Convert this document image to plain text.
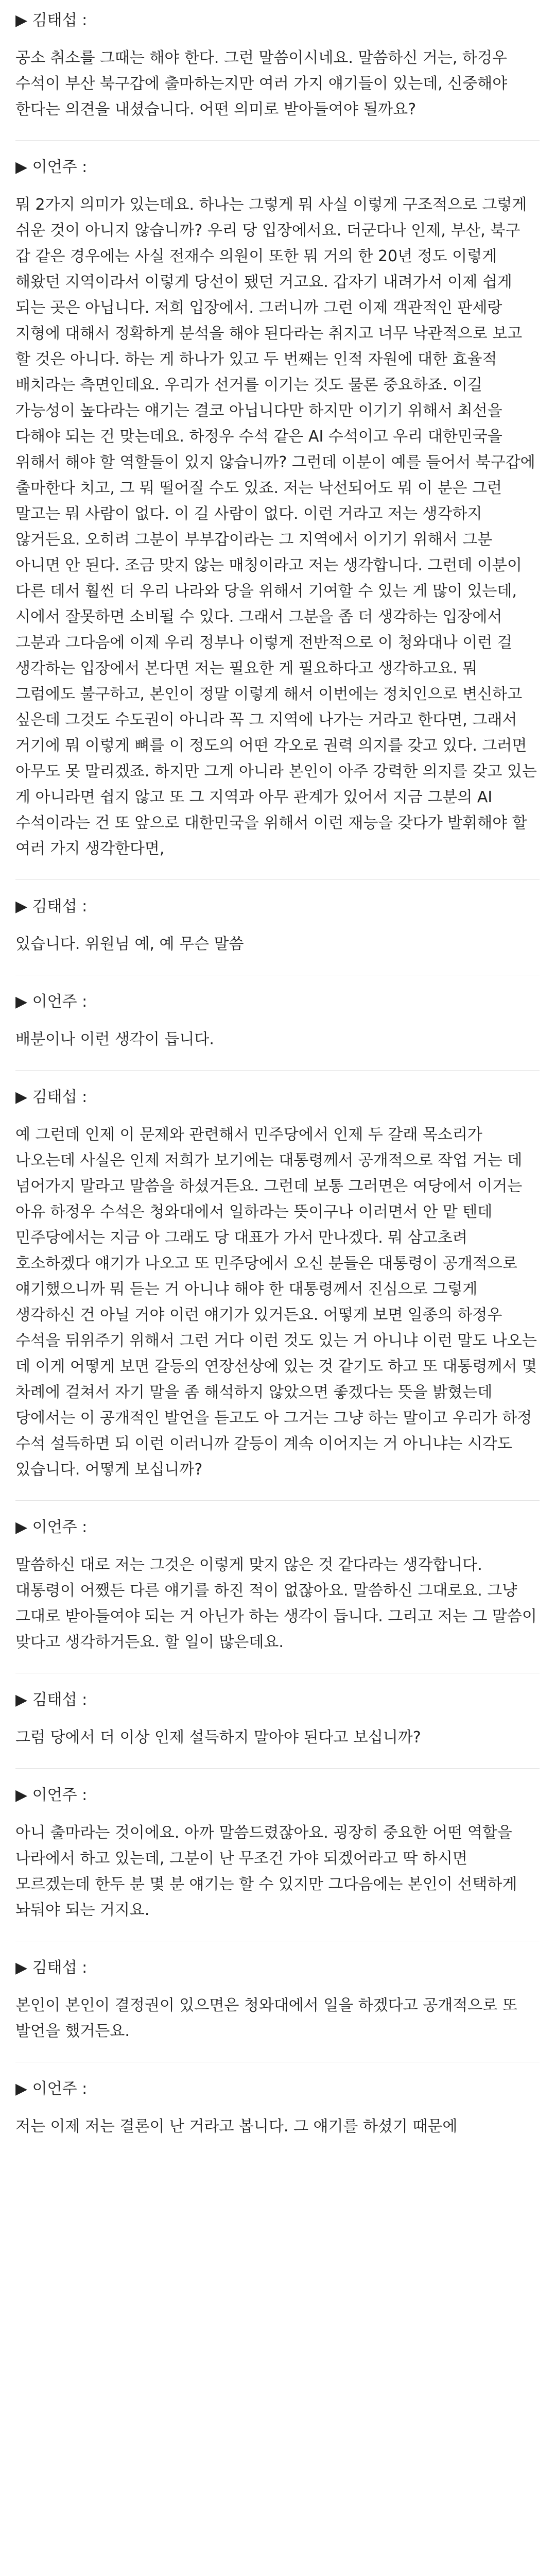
▶ 김태섭 :

공소 취소를 그때는 해야 한다. 그런 말씀이시네요. 말씀하신 거는, 하겅우 수석이 부산 북구갑에 출마하는지만 여러 가지 얘기들이 있는데, 신중해야 한다는 의견을 내셨습니다. 어떤 의미로 받아들여야 될까요?

▶ 이언주 :

뭐 2가지 의미가 있는데요. 하나는 그렇게 뭐 사실 이렇게 구조적으로 그렇게 쉬운 것이 아니지 않습니까? 우리 당 입장에서요. 더군다나 인제, 부산, 북구 갑 같은 경우에는 사실 전재수 의원이 또한 뭐 거의 한 20년 정도 이렇게 해왔던 지역이라서 이렇게 당선이 됐던 거고요. 갑자기 내려가서 이제 쉽게 되는 곳은 아닙니다. 저희 입장에서. 그러니까 그런 이제 객관적인 판세랑 지형에 대해서 정확하게 분석을 해야 된다라는 취지고 너무 낙관적으로 보고 할 것은 아니다. 하는 게 하나가 있고 두 번째는 인적 자원에 대한 효율적 배치라는 측면인데요. 우리가 선거를 이기는 것도 물론 중요하죠. 이길 가능성이 높다라는 얘기는 결코 아닙니다만 하지만 이기기 위해서 최선을 다해야 되는 건 맞는데요. 하정우 수석 같은 AI 수석이고 우리 대한민국을 위해서 해야 할 역할들이 있지 않습니까? 그런데 이분이 예를 들어서 북구갑에 출마한다 치고, 그 뭐 떨어질 수도 있죠. 저는 낙선되어도 뭐 이 분은 그런 말고는 뭐 사람이 없다. 이 길 사람이 없다. 이런 거라고 저는 생각하지 않거든요. 오히려 그분이 부부갑이라는 그 지역에서 이기기 위해서 그분 아니면 안 된다. 조금 맞지 않는 매칭이라고 저는 생각합니다. 그런데 이분이 다른 데서 훨씬 더 우리 나라와 당을 위해서 기여할 수 있는 게 많이 있는데, 시에서 잘못하면 소비될 수 있다. 그래서 그분을 좀 더 생각하는 입장에서 그분과 그다음에 이제 우리 정부나 이렇게 전반적으로 이 청와대나 이런 걸 생각하는 입장에서 본다면 저는 필요한 게 필요하다고 생각하고요. 뭐 그럼에도 불구하고, 본인이 정말 이렇게 해서 이번에는 정치인으로 변신하고 싶은데 그것도 수도권이 아니라 꼭 그 지역에 나가는 거라고 한다면, 그래서 거기에 뭐 이렇게 뼈를 이 정도의 어떤 각오로 권력 의지를 갖고 있다. 그러면 아무도 못 말리겠죠. 하지만 그게 아니라 본인이 아주 강력한 의지를 갖고 있는 게 아니라면 쉽지 않고 또 그 지역과 아무 관계가 있어서 지금 그분의 AI 수석이라는 건 또 앞으로 대한민국을 위해서 이런 재능을 갖다가 발휘해야 할 여러 가지 생각한다면,

▶ 김태섭 :

있습니다. 위원님 예, 예 무슨 말씀

▶ 이언주 :

배분이나 이런 생각이 듭니다.

▶ 김태섭 :

예 그런데 인제 이 문제와 관련해서 민주당에서 인제 두 갈래 목소리가 나오는데 사실은 인제 저희가 보기에는 대통령께서 공개적으로 작업 거는 데 넘어가지 말라고 말씀을 하셨거든요. 그런데 보통 그러면은 여당에서 이거는 아유 하정우 수석은 청와대에서 일하라는 뜻이구나 이러면서 안 맡 텐데 민주당에서는 지금 아 그래도 당 대표가 가서 만나겠다. 뭐 삼고초려 호소하겠다 얘기가 나오고 또 민주당에서 오신 분들은 대통령이 공개적으로 얘기했으니까 뭐 듣는 거 아니냐 해야 한 대통령께서 진심으로 그렇게 생각하신 건 아닐 거야 이런 얘기가 있거든요. 어떻게 보면 일종의 하정우 수석을 뒤위주기 위해서 그런 거다 이런 것도 있는 거 아니냐 이런 말도 나오는 데 이게 어떻게 보면 갈등의 연장선상에 있는 것 같기도 하고 또 대통령께서 몇 차례에 걸쳐서 자기 말을 좀 해석하지 않았으면 좋겠다는 뜻을 밝혔는데 당에서는 이 공개적인 발언을 듣고도 아 그거는 그냥 하는 말이고 우리가 하정 수석 설득하면 되 이런 이러니까 갈등이 계속 이어지는 거 아니냐는 시각도 있습니다. 어떻게 보십니까?

▶ 이언주 :

말씀하신 대로 저는 그것은 이렇게 맞지 않은 것 같다라는 생각합니다. 대통령이 어쨌든 다른 얘기를 하진 적이 없잖아요. 말씀하신 그대로요. 그냥 그대로 받아들여야 되는 거 아닌가 하는 생각이 듭니다. 그리고 저는 그 말씀이 맞다고 생각하거든요. 할 일이 많은데요.

▶ 김태섭 :

그럼 당에서 더 이상 인제 설득하지 말아야 된다고 보십니까?

▶ 이언주 :

아니 출마라는 것이에요. 아까 말씀드렸잖아요. 굉장히 중요한 어떤 역할을 나라에서 하고 있는데, 그분이 난 무조건 가야 되겠어라고 딱 하시면 모르겠는데 한두 분 몇 분 얘기는 할 수 있지만 그다음에는 본인이 선택하게 놔둬야 되는 거지요.

▶ 김태섭 :

본인이 본인이 결정권이 있으면은 청와대에서 일을 하겠다고 공개적으로 또 발언을 했거든요.

▶ 이언주 :

저는 이제 저는 결론이 난 거라고 봅니다. 그 얘기를 하셨기 때문에
